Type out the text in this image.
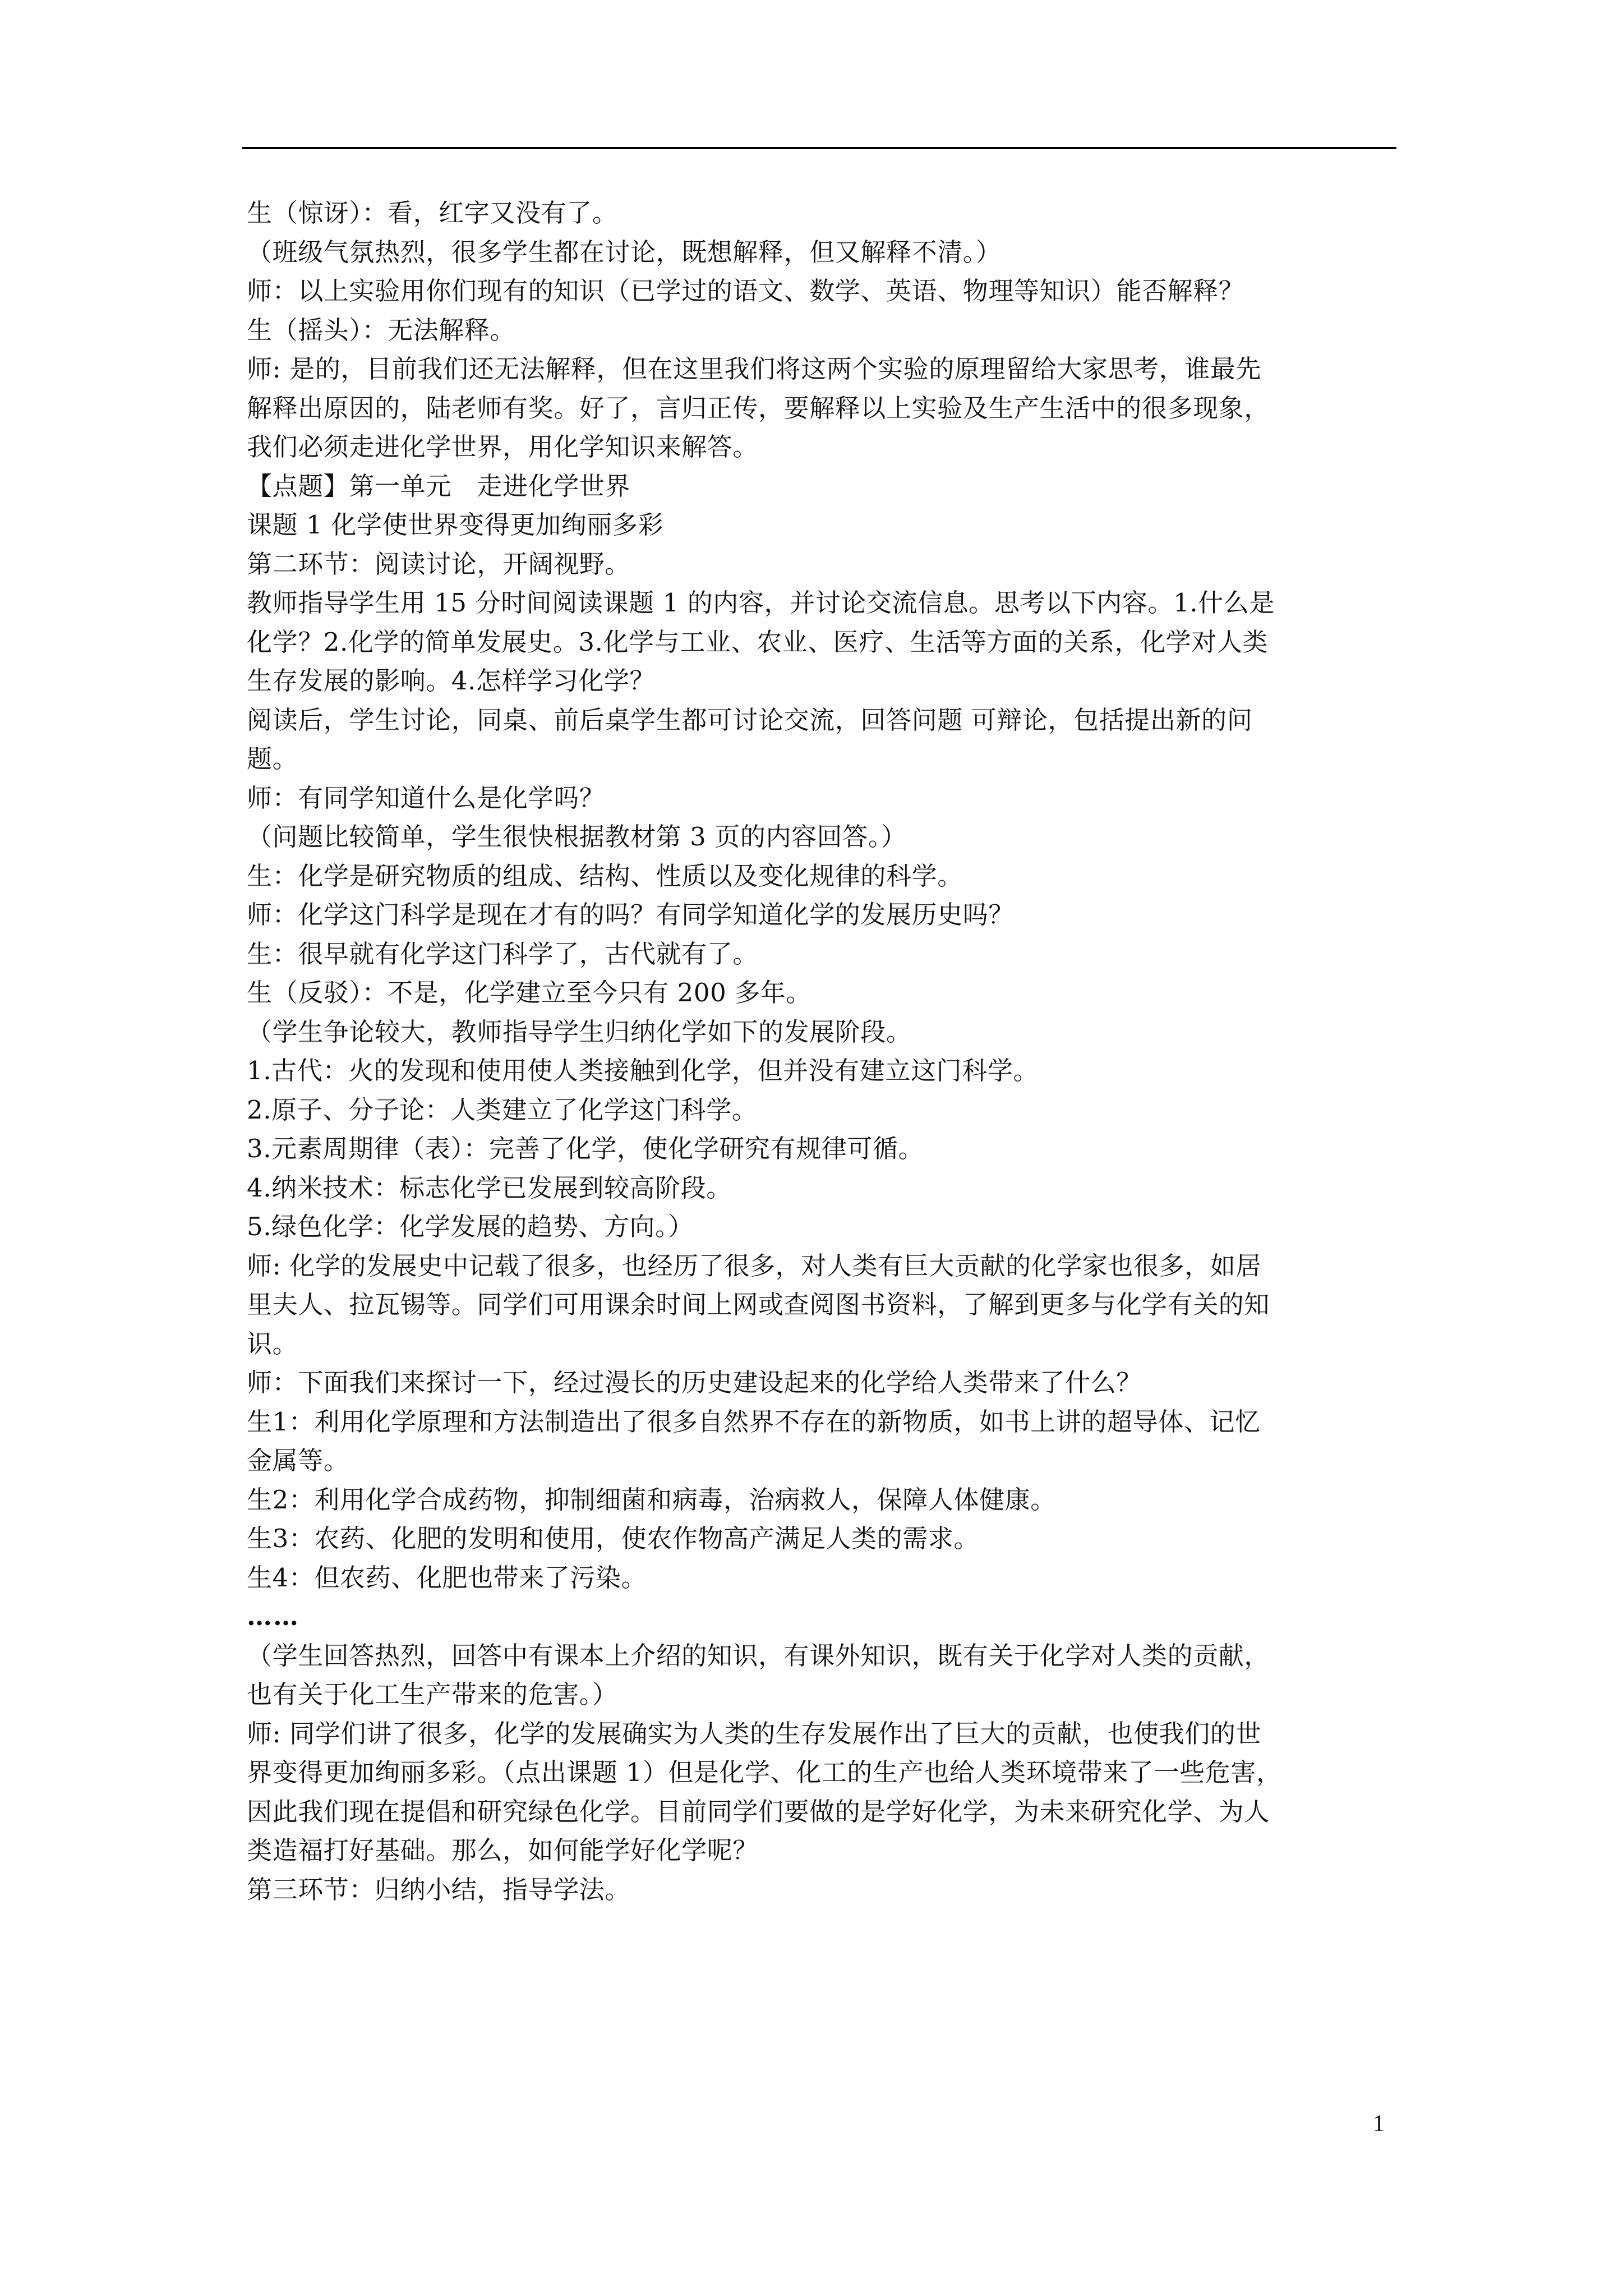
生（惊讶）：看，红字又没有了。
（班级气氛热烈，很多学生都在讨论，既想解释，但又解释不清。）
师：以上实验用你们现有的知识（已学过的语文、数学、英语、物理等知识）能否解释？
生（摇头）：无法解释。
师: 是的，目前我们还无法解释，但在这里我们将这两个实验的原理留给大家思考，谁最先
解释出原因的，陆老师有奖。好了，言归正传，要解释以上实验及生产生活中的很多现象，
我们必须走进化学世界，用化学知识来解答。
【点题】第一单元　走进化学世界
课题 1 化学使世界变得更加绚丽多彩
第二环节：阅读讨论，开阔视野。
教师指导学生用 15 分时间阅读课题 1 的内容，并讨论交流信息。思考以下内容。1.什么是
化学？2.化学的简单发展史。3.化学与工业、农业、医疗、生活等方面的关系，化学对人类
生存发展的影响。4.怎样学习化学？
阅读后，学生讨论，同桌、前后桌学生都可讨论交流，回答问题 可辩论，包括提出新的问
题。
师：有同学知道什么是化学吗？
（问题比较简单，学生很快根据教材第 3 页的内容回答。）
生：化学是研究物质的组成、结构、性质以及变化规律的科学。
师：化学这门科学是现在才有的吗？有同学知道化学的发展历史吗？
生：很早就有化学这门科学了，古代就有了。
生（反驳）：不是，化学建立至今只有 200 多年。
（学生争论较大，教师指导学生归纳化学如下的发展阶段。
1.古代：火的发现和使用使人类接触到化学，但并没有建立这门科学。
2.原子、分子论：人类建立了化学这门科学。
3.元素周期律（表）：完善了化学，使化学研究有规律可循。
4.纳米技术：标志化学已发展到较高阶段。
5.绿色化学：化学发展的趋势、方向。）
师: 化学的发展史中记载了很多，也经历了很多，对人类有巨大贡献的化学家也很多，如居
里夫人、拉瓦锡等。同学们可用课余时间上网或查阅图书资料，了解到更多与化学有关的知
识。
师：下面我们来探讨一下，经过漫长的历史建设起来的化学给人类带来了什么？
生1：利用化学原理和方法制造出了很多自然界不存在的新物质，如书上讲的超导体、记忆
金属等。
生2：利用化学合成药物，抑制细菌和病毒，治病救人，保障人体健康。
生3：农药、化肥的发明和使用，使农作物高产满足人类的需求。
生4：但农药、化肥也带来了污染。
……
（学生回答热烈，回答中有课本上介绍的知识，有课外知识，既有关于化学对人类的贡献，
也有关于化工生产带来的危害。）
师: 同学们讲了很多，化学的发展确实为人类的生存发展作出了巨大的贡献，也使我们的世
界变得更加绚丽多彩。（点出课题 1）但是化学、化工的生产也给人类环境带来了一些危害，
因此我们现在提倡和研究绿色化学。目前同学们要做的是学好化学，为未来研究化学、为人
类造福打好基础。那么，如何能学好化学呢？
第三环节：归纳小结，指导学法。
1
